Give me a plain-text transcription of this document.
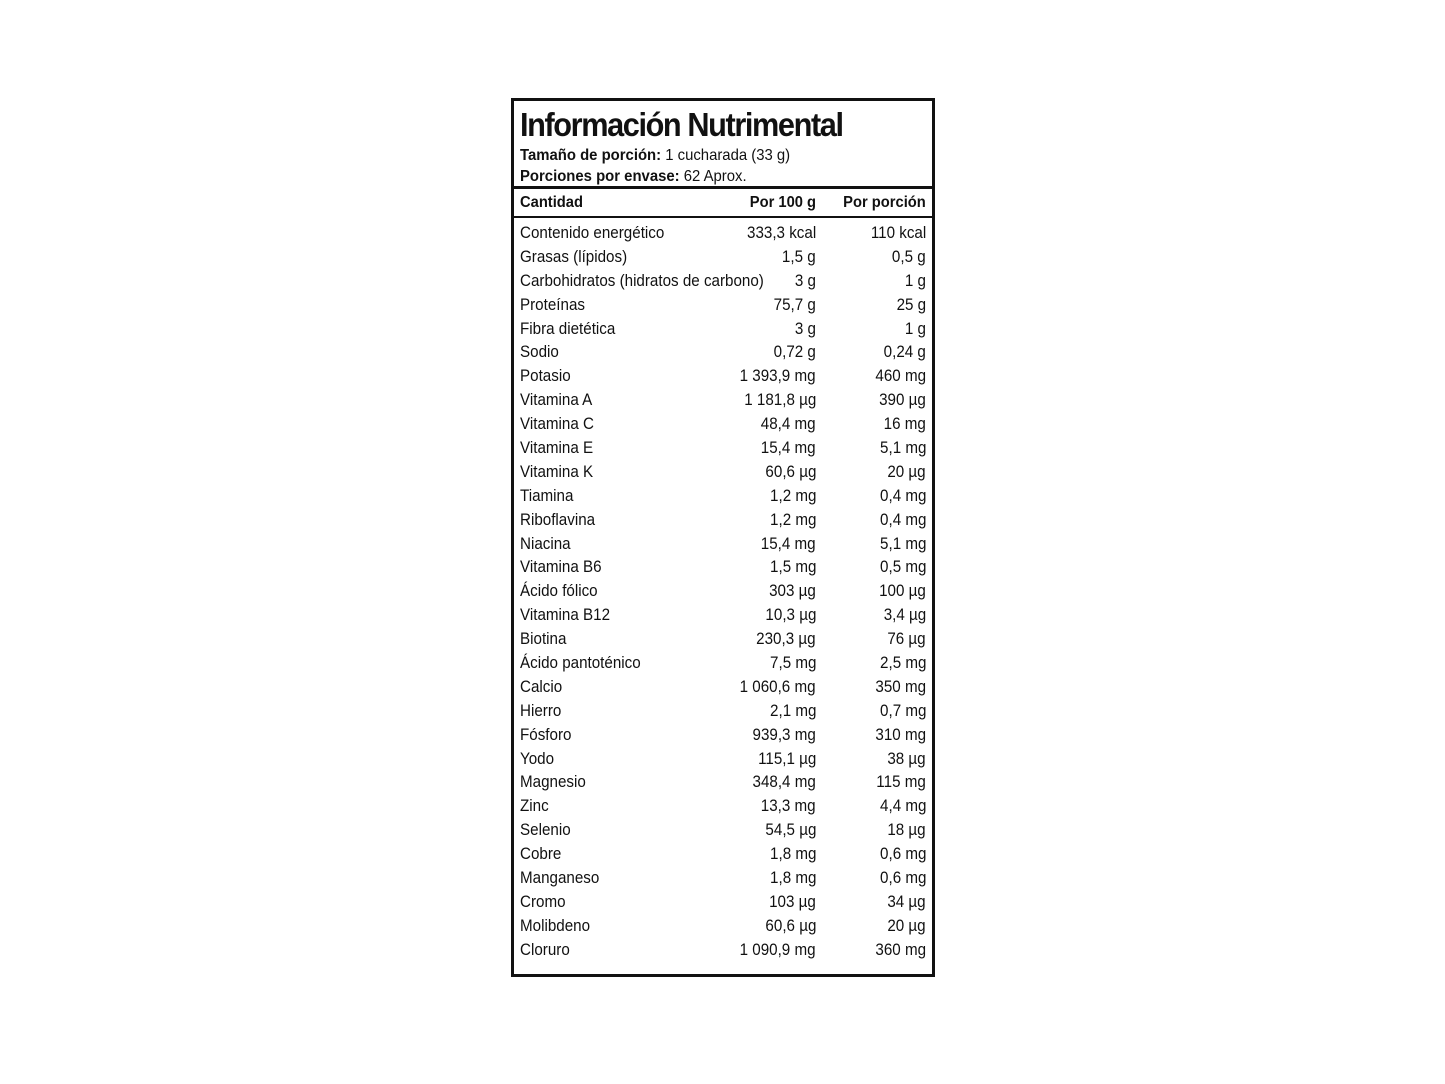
Información Nutrimental
Tamaño de porción: 1 cucharada (33 g)
Porciones por envase: 62 Aprox.
Cantidad	Por 100 g	Por porción
Contenido energético	333,3 kcal	110 kcal
Grasas (lípidos)	1,5 g	0,5 g
Carbohidratos (hidratos de carbono)	3 g	1 g
Proteínas	75,7 g	25 g
Fibra dietética	3 g	1 g
Sodio	0,72 g	0,24 g
Potasio	1 393,9 mg	460 mg
Vitamina A	1 181,8 µg	390 µg
Vitamina C	48,4 mg	16 mg
Vitamina E	15,4 mg	5,1 mg
Vitamina K	60,6 µg	20 µg
Tiamina	1,2 mg	0,4 mg
Riboflavina	1,2 mg	0,4 mg
Niacina	15,4 mg	5,1 mg
Vitamina B6	1,5 mg	0,5 mg
Ácido fólico	303 µg	100 µg
Vitamina B12	10,3 µg	3,4 µg
Biotina	230,3 µg	76 µg
Ácido pantoténico	7,5 mg	2,5 mg
Calcio	1 060,6 mg	350 mg
Hierro	2,1 mg	0,7 mg
Fósforo	939,3 mg	310 mg
Yodo	115,1 µg	38 µg
Magnesio	348,4 mg	115 mg
Zinc	13,3 mg	4,4 mg
Selenio	54,5 µg	18 µg
Cobre	1,8 mg	0,6 mg
Manganeso	1,8 mg	0,6 mg
Cromo	103 µg	34 µg
Molibdeno	60,6 µg	20 µg
Cloruro	1 090,9 mg	360 mg
